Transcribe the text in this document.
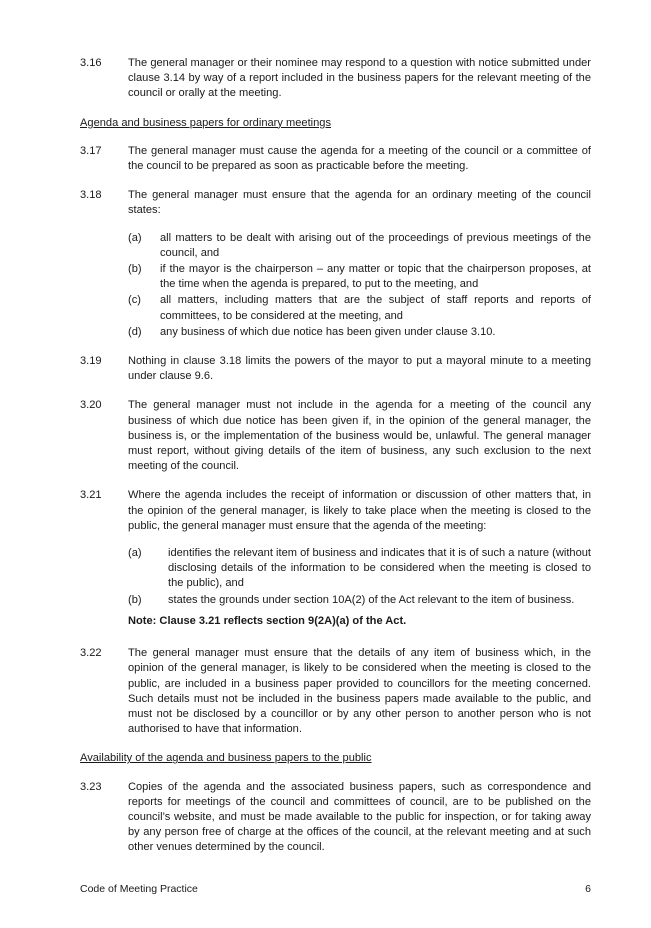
3.16	The general manager or their nominee may respond to a question with notice submitted under clause 3.14 by way of a report included in the business papers for the relevant meeting of the council or orally at the meeting.
Agenda and business papers for ordinary meetings
3.17	The general manager must cause the agenda for a meeting of the council or a committee of the council to be prepared as soon as practicable before the meeting.
3.18	The general manager must ensure that the agenda for an ordinary meeting of the council states:
(a)	all matters to be dealt with arising out of the proceedings of previous meetings of the council, and
(b)	if the mayor is the chairperson – any matter or topic that the chairperson proposes, at the time when the agenda is prepared, to put to the meeting, and
(c)	all matters, including matters that are the subject of staff reports and reports of committees, to be considered at the meeting, and
(d)	any business of which due notice has been given under clause 3.10.
3.19	Nothing in clause 3.18 limits the powers of the mayor to put a mayoral minute to a meeting under clause 9.6.
3.20	The general manager must not include in the agenda for a meeting of the council any business of which due notice has been given if, in the opinion of the general manager, the business is, or the implementation of the business would be, unlawful. The general manager must report, without giving details of the item of business, any such exclusion to the next meeting of the council.
3.21	Where the agenda includes the receipt of information or discussion of other matters that, in the opinion of the general manager, is likely to take place when the meeting is closed to the public, the general manager must ensure that the agenda of the meeting:
(a)	identifies the relevant item of business and indicates that it is of such a nature (without disclosing details of the information to be considered when the meeting is closed to the public), and
(b)	states the grounds under section 10A(2) of the Act relevant to the item of business.
Note: Clause 3.21 reflects section 9(2A)(a) of the Act.
3.22	The general manager must ensure that the details of any item of business which, in the opinion of the general manager, is likely to be considered when the meeting is closed to the public, are included in a business paper provided to councillors for the meeting concerned. Such details must not be included in the business papers made available to the public, and must not be disclosed by a councillor or by any other person to another person who is not authorised to have that information.
Availability of the agenda and business papers to the public
3.23	Copies of the agenda and the associated business papers, such as correspondence and reports for meetings of the council and committees of council, are to be published on the council’s website, and must be made available to the public for inspection, or for taking away by any person free of charge at the offices of the council, at the relevant meeting and at such other venues determined by the council.
Code of Meeting Practice	6
